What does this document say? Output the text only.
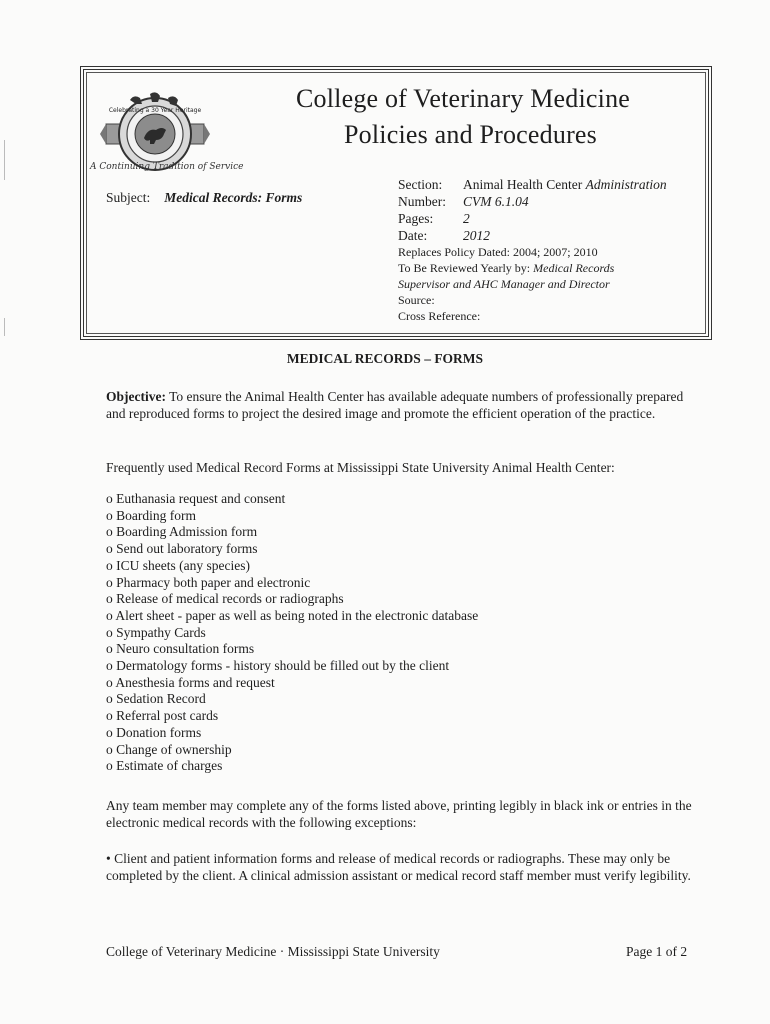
Celebrating a 30 Year Heritage
A Continuing Tradition of Service
College of Veterinary Medicine
Policies and Procedures
Subject: Medical Records: Forms
Section:	Animal Health Center Administration
Number:	CVM 6.1.04
Pages:	2
Date:	2012
Replaces Policy Dated: 2004; 2007; 2010
To Be Reviewed Yearly by: Medical Records
Supervisor and AHC Manager and Director
Source:
Cross Reference:
MEDICAL RECORDS – FORMS
Objective: To ensure the Animal Health Center has available adequate numbers of professionally prepared and reproduced forms to project the desired image and promote the efficient operation of the practice.
Frequently used Medical Record Forms at Mississippi State University Animal Health Center:
o Euthanasia request and consent
o Boarding form
o Boarding Admission form
o Send out laboratory forms
o ICU sheets (any species)
o Pharmacy both paper and electronic
o Release of medical records or radiographs
o Alert sheet - paper as well as being noted in the electronic database
o Sympathy Cards
o Neuro consultation forms
o Dermatology forms - history should be filled out by the client
o Anesthesia forms and request
o Sedation Record
o Referral post cards
o Donation forms
o Change of ownership
o Estimate of charges
Any team member may complete any of the forms listed above, printing legibly in black ink or entries in the electronic medical records with the following exceptions:
• Client and patient information forms and release of medical records or radiographs. These may only be completed by the client. A clinical admission assistant or medical record staff member must verify legibility.
College of Veterinary Medicine · Mississippi State University	Page 1 of 2
